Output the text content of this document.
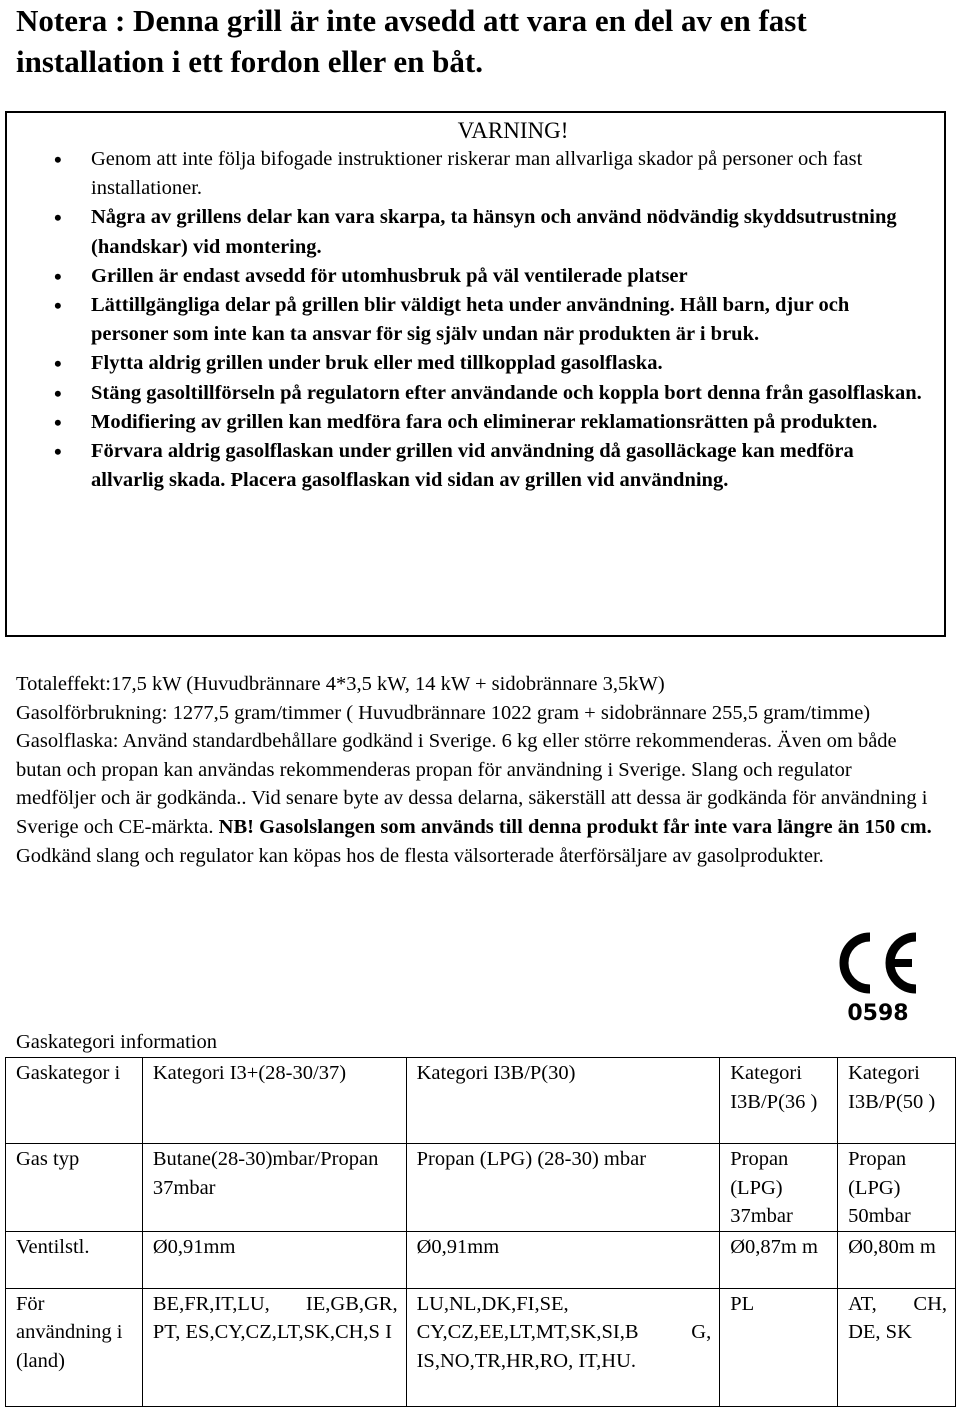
Notera : Denna grill är inte avsedd att vara en del av en fast installation i ett fordon eller en båt.
VARNING!
• Genom att inte följa bifogade instruktioner riskerar man allvarliga skador på personer och fast installationer.
• Några av grillens delar kan vara skarpa, ta hänsyn och använd nödvändig skyddsutrustning (handskar) vid montering.
• Grillen är endast avsedd för utomhusbruk på väl ventilerade platser
• Lättillgängliga delar på grillen blir väldigt heta under användning. Håll barn, djur och personer som inte kan ta ansvar för sig själv undan när produkten är i bruk.
• Flytta aldrig grillen under bruk eller med tillkopplad gasolflaska.
• Stäng gasoltillförseln på regulatorn efter användande och koppla bort denna från gasolflaskan.
• Modifiering av grillen kan medföra fara och eliminerar reklamationsrätten på produkten.
• Förvara aldrig gasolflaskan under grillen vid användning då gasolläckage kan medföra allvarlig skada. Placera gasolflaskan vid sidan av grillen vid användning.

Totaleffekt:17,5 kW (Huvudbrännare 4*3,5 kW, 14 kW + sidobrännare 3,5kW)

Gasolförbrukning: 1277,5 gram/timmer ( Huvudbrännare 1022 gram + sidobrännare 255,5 gram/timme)

Gasolflaska: Använd standardbehållare godkänd i Sverige. 6 kg eller större rekommenderas. Även om både butan och propan kan användas rekommenderas propan för användning i Sverige. Slang och regulator medföljer och är godkända.. Vid senare byte av dessa delarna, säkerställ att dessa är godkända för användning i Sverige och CE-märkta. NB! Gasolslangen som används till denna produkt får inte vara längre än 150 cm. Godkänd slang och regulator kan köpas hos de flesta välsorterade återförsäljare av gasolprodukter.

0598
Gaskategori information
Gaskategor i	Kategori I3+(28-30/37)	Kategori I3B/P(30)	Kategori I3B/P(36 )	Kategori I3B/P(50 )
Gas typ	Butane(28-30)mbar/Propan 37mbar	Propan (LPG) (28-30) mbar	Propan (LPG) 37mbar	Propan (LPG) 50mbar
Ventilstl.	Ø0,91mm	Ø0,91mm	Ø0,87m m	Ø0,80m m
För användning i (land)	BE,FR,IT,LU, IE,GB,GR, PT, ES,CY,CZ,LT,SK,CH,S I	LU,NL,DK,FI,SE, CY,CZ,EE,LT,MT,SK,SI,B G, IS,NO,TR,HR,RO, IT,HU.	PL	AT, CH, DE, SK
